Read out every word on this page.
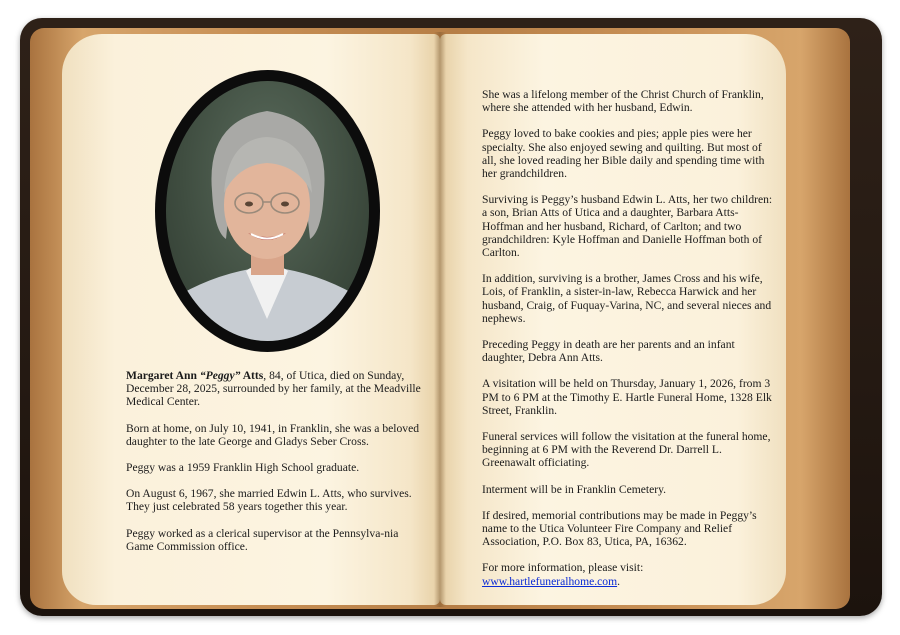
Margaret Ann “Peggy” Atts, 84, of Utica, died on Sunday, December 28, 2025, surrounded by her family, at the Meadville Medical Center.

Born at home, on July 10, 1941, in Franklin, she was a beloved daughter to the late George and Gladys Seber Cross.

Peggy was a 1959 Franklin High School graduate.

On August 6, 1967, she married Edwin L. Atts, who survives. They just celebrated 58 years together this year.

Peggy worked as a clerical supervisor at the Pennsylva-nia Game Commission office.

She was a lifelong member of the Christ Church of Franklin, where she attended with her husband, Edwin.

Peggy loved to bake cookies and pies; apple pies were her specialty. She also enjoyed sewing and quilting. But most of all, she loved reading her Bible daily and spending time with her grandchildren.

Surviving is Peggy’s husband Edwin L. Atts, her two children: a son, Brian Atts of Utica and a daughter, Barbara Atts-Hoffman and her husband, Richard, of Carlton; and two grandchildren: Kyle Hoffman and Danielle Hoffman both of Carlton.

In addition, surviving is a brother, James Cross and his wife, Lois, of Franklin, a sister-in-law, Rebecca Harwick and her husband, Craig, of Fuquay-Varina, NC, and several nieces and nephews.

Preceding Peggy in death are her parents and an infant daughter, Debra Ann Atts.

A visitation will be held on Thursday, January 1, 2026, from 3 PM to 6 PM at the Timothy E. Hartle Funeral Home, 1328 Elk Street, Franklin.

Funeral services will follow the visitation at the funeral home, beginning at 6 PM with the Reverend Dr. Darrell L. Greenawalt officiating.

Interment will be in Franklin Cemetery.

If desired, memorial contributions may be made in Peggy’s name to the Utica Volunteer Fire Company and Relief Association, P.O. Box 83, Utica, PA, 16362.

For more information, please visit:
www.hartlefuneralhome.com.
